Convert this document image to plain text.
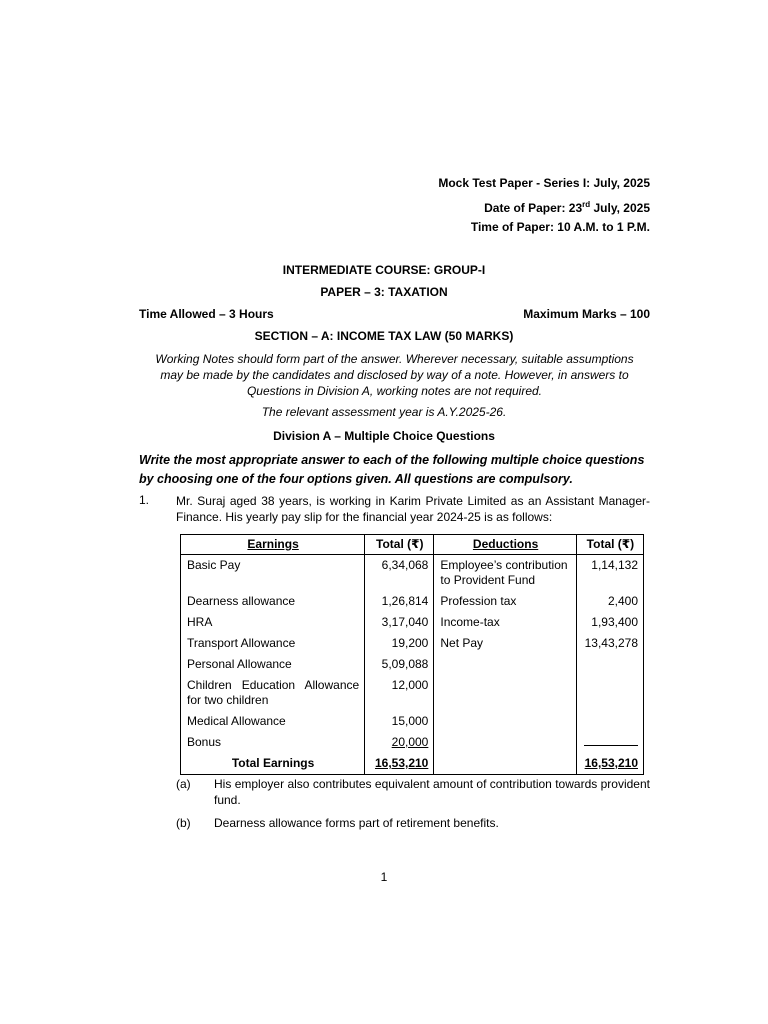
Mock Test Paper - Series I: July, 2025
Date of Paper: 23rd July, 2025
Time of Paper: 10 A.M. to 1 P.M.
INTERMEDIATE COURSE: GROUP-I
PAPER – 3: TAXATION
Time Allowed – 3 Hours	Maximum Marks – 100
SECTION – A: INCOME TAX LAW (50 MARKS)
Working Notes should form part of the answer. Wherever necessary, suitable assumptions
may be made by the candidates and disclosed by way of a note. However, in answers to
Questions in Division A, working notes are not required.
The relevant assessment year is A.Y.2025-26.
Division A – Multiple Choice Questions
Write the most appropriate answer to each of the following multiple choice questions by choosing one of the four options given. All questions are compulsory.
1. Mr. Suraj aged 38 years, is working in Karim Private Limited as an Assistant Manager- Finance. His yearly pay slip for the financial year 2024-25 is as follows:
Earnings	Total (₹)	Deductions	Total (₹)
Basic Pay	6,34,068	Employee’s contribution to Provident Fund	1,14,132
Dearness allowance	1,26,814	Profession tax	2,400
HRA	3,17,040	Income-tax	1,93,400
Transport Allowance	19,200	Net Pay	13,43,278
Personal Allowance	5,09,088		
Children Education Allowance for two children	12,000		
Medical Allowance	15,000		
Bonus	20,000		
Total Earnings	16,53,210		16,53,210
(a) His employer also contributes equivalent amount of contribution towards provident fund.
(b) Dearness allowance forms part of retirement benefits.
1
